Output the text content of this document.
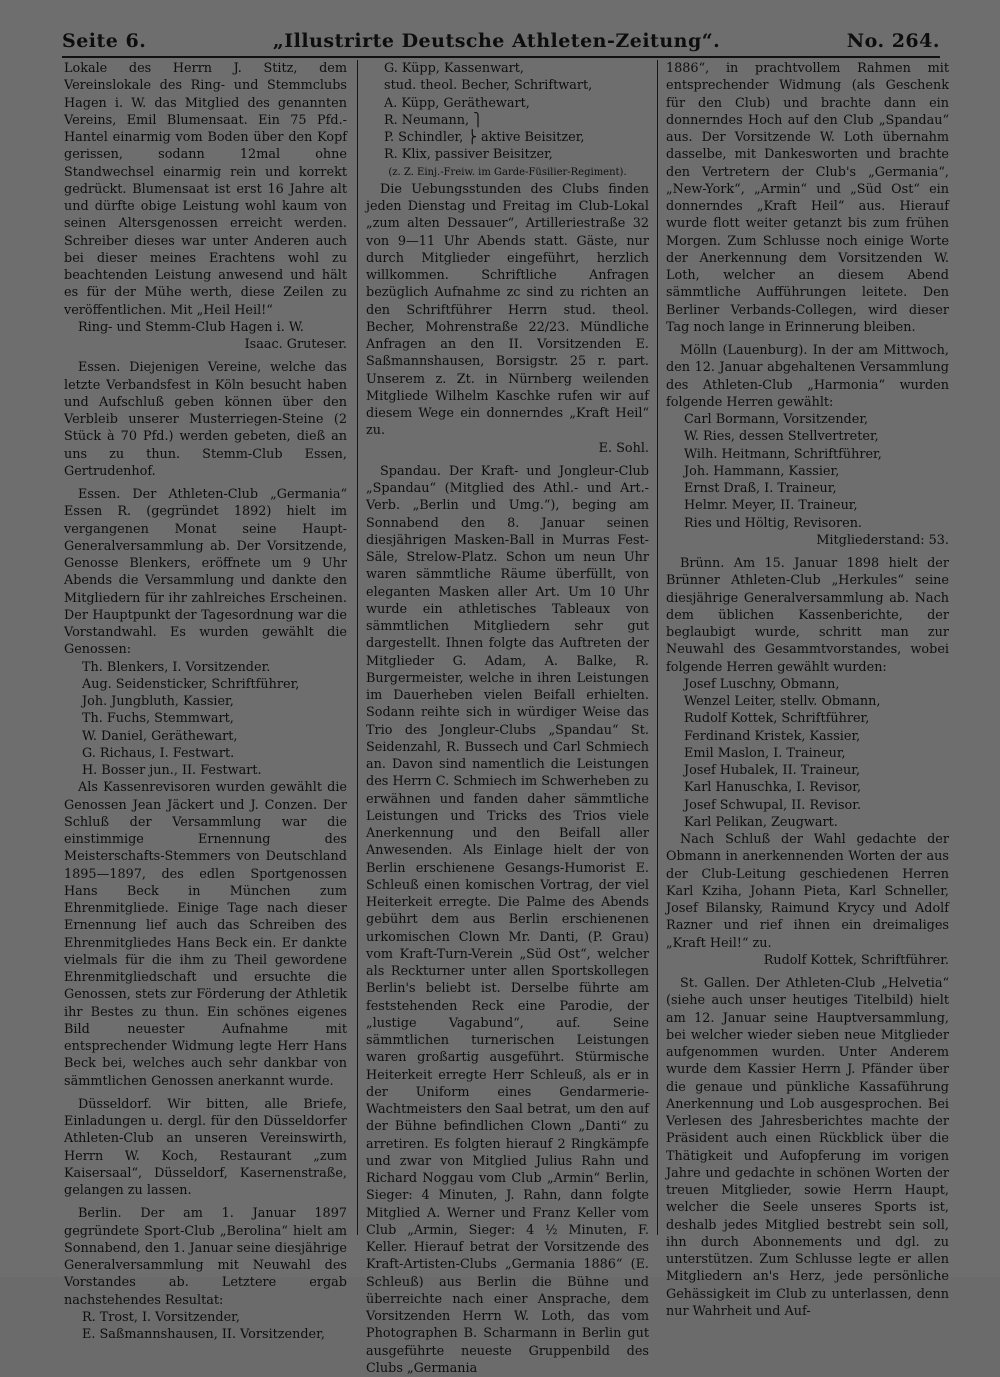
Seite 6.	„Illustrirte Deutsche Athleten-Zeitung“.	No. 264.

Lokale des Herrn J. Stitz, dem Vereinslokale des Ring- und Stemmclubs Hagen i. W. das Mitglied des genannten Vereins, Emil Blumensaat. Ein 75 Pfd.-Hantel einarmig vom Boden über den Kopf gerissen, sodann 12mal ohne Standwechsel einarmig rein und korrekt gedrückt. Blumensaat ist erst 16 Jahre alt und dürfte obige Leistung wohl kaum von seinen Altersgenossen erreicht werden. Schreiber dieses war unter Anderen auch bei dieser meines Erachtens wohl zu beachtenden Leistung anwesend und hält es für der Mühe werth, diese Zeilen zu veröffentlichen. Mit „Heil Heil!“

Ring- und Stemm-Club Hagen i. W.

Isaac. Gruteser.

Essen. Diejenigen Vereine, welche das letzte Verbandsfest in Köln besucht haben und Aufschluß geben können über den Verbleib unserer Musterriegen-Steine (2 Stück à 70 Pfd.) werden gebeten, dieß an uns zu thun. Stemm-Club Essen, Gertrudenhof.

Essen. Der Athleten-Club „Germania“ Essen R. (gegründet 1892) hielt im vergangenen Monat seine Haupt-Generalversammlung ab. Der Vorsitzende, Genosse Blenkers, eröffnete um 9 Uhr Abends die Versammlung und dankte den Mitgliedern für ihr zahlreiches Erscheinen. Der Hauptpunkt der Tagesordnung war die Vorstandwahl. Es wurden gewählt die Genossen:

Th. Blenkers, I. Vorsitzender.

Aug. Seidensticker, Schriftführer,

Joh. Jungbluth, Kassier,

Th. Fuchs, Stemmwart,

W. Daniel, Geräthewart,

G. Richaus, I. Festwart.

H. Bosser jun., II. Festwart.

Als Kassenrevisoren wurden gewählt die Genossen Jean Jäckert und J. Conzen. Der Schluß der Versammlung war die einstimmige Ernennung des Meisterschafts-Stemmers von Deutschland 1895—1897, des edlen Sportgenossen Hans Beck in München zum Ehrenmitgliede. Einige Tage nach dieser Ernennung lief auch das Schreiben des Ehrenmitgliedes Hans Beck ein. Er dankte vielmals für die ihm zu Theil gewordene Ehrenmitgliedschaft und ersuchte die Genossen, stets zur Förderung der Athletik ihr Bestes zu thun. Ein schönes eigenes Bild neuester Aufnahme mit entsprechender Widmung legte Herr Hans Beck bei, welches auch sehr dankbar von sämmtlichen Genossen anerkannt wurde.

Düsseldorf. Wir bitten, alle Briefe, Einladungen u. dergl. für den Düsseldorfer Athleten-Club an unseren Vereinswirth, Herrn W. Koch, Restaurant „zum Kaisersaal“, Düsseldorf, Kasernenstraße, gelangen zu lassen.

Berlin. Der am 1. Januar 1897 gegründete Sport-Club „Berolina“ hielt am Sonnabend, den 1. Januar seine diesjährige Generalversammlung mit Neuwahl des Vorstandes ab. Letztere ergab nachstehendes Resultat:

R. Trost, I. Vorsitzender,

E. Saßmannshausen, II. Vorsitzender,

G. Küpp, Kassenwart,

stud. theol. Becher, Schriftwart,

A. Küpp, Geräthewart,

R. Neumann, ⎫

P. Schindler, ⎬ aktive Beisitzer,

R. Klix, passiver Beisitzer,

(z. Z. Einj.-Freiw. im Garde-Füsilier-Regiment).

Die Uebungsstunden des Clubs finden jeden Dienstag und Freitag im Club-Lokal „zum alten Dessauer“, Artilleriestraße 32 von 9—11 Uhr Abends statt. Gäste, nur durch Mitglieder eingeführt, herzlich willkommen. Schriftliche Anfragen bezüglich Aufnahme zc sind zu richten an den Schriftführer Herrn stud. theol. Becher, Mohrenstraße 22/23. Mündliche Anfragen an den II. Vorsitzenden E. Saßmannshausen, Borsigstr. 25 r. part. Unserem z. Zt. in Nürnberg weilenden Mitgliede Wilhelm Kaschke rufen wir auf diesem Wege ein donnerndes „Kraft Heil“ zu.

E. Sohl.

Spandau. Der Kraft- und Jongleur-Club „Spandau“ (Mitglied des Athl.- und Art.-Verb. „Berlin und Umg.“), beging am Sonnabend den 8. Januar seinen diesjährigen Masken-Ball in Murras Fest-Säle, Strelow-Platz. Schon um neun Uhr waren sämmtliche Räume überfüllt, von eleganten Masken aller Art. Um 10 Uhr wurde ein athletisches Tableaux von sämmtlichen Mitgliedern sehr gut dargestellt. Ihnen folgte das Auftreten der Mitglieder G. Adam, A. Balke, R. Burgermeister, welche in ihren Leistungen im Dauerheben vielen Beifall erhielten. Sodann reihte sich in würdiger Weise das Trio des Jongleur-Clubs „Spandau“ St. Seidenzahl, R. Bussech und Carl Schmiech an. Davon sind namentlich die Leistungen des Herrn C. Schmiech im Schwerheben zu erwähnen und fanden daher sämmtliche Leistungen und Tricks des Trios viele Anerkennung und den Beifall aller Anwesenden. Als Einlage hielt der von Berlin erschienene Gesangs-Humorist E. Schleuß einen komischen Vortrag, der viel Heiterkeit erregte. Die Palme des Abends gebührt dem aus Berlin erschienenen urkomischen Clown Mr. Danti, (P. Grau) vom Kraft-Turn-Verein „Süd Ost“, welcher als Reckturner unter allen Sportskollegen Berlin's beliebt ist. Derselbe führte am feststehenden Reck eine Parodie, der „lustige Vagabund“, auf. Seine sämmtlichen turnerischen Leistungen waren großartig ausgeführt. Stürmische Heiterkeit erregte Herr Schleuß, als er in der Uniform eines Gendarmerie-Wachtmeisters den Saal betrat, um den auf der Bühne befindlichen Clown „Danti“ zu arretiren. Es folgten hierauf 2 Ringkämpfe und zwar von Mitglied Julius Rahn und Richard Noggau vom Club „Armin“ Berlin, Sieger: 4 Minuten, J. Rahn, dann folgte Mitglied A. Werner und Franz Keller vom Club „Armin, Sieger: 4 ½ Minuten, F. Keller. Hierauf betrat der Vorsitzende des Kraft-Artisten-Clubs „Germania 1886“ (E. Schleuß) aus Berlin die Bühne und überreichte nach einer Ansprache, dem Vorsitzenden Herrn W. Loth, das vom Photographen B. Scharmann in Berlin gut ausgeführte neueste Gruppenbild des Clubs „Germania

1886“, in prachtvollem Rahmen mit entsprechender Widmung (als Geschenk für den Club) und brachte dann ein donnerndes Hoch auf den Club „Spandau“ aus. Der Vorsitzende W. Loth übernahm dasselbe, mit Dankesworten und brachte den Vertretern der Club's „Germania“, „New-York“, „Armin“ und „Süd Ost“ ein donnerndes „Kraft Heil“ aus. Hierauf wurde flott weiter getanzt bis zum frühen Morgen. Zum Schlusse noch einige Worte der Anerkennung dem Vorsitzenden W. Loth, welcher an diesem Abend sämmtliche Aufführungen leitete. Den Berliner Verbands-Collegen, wird dieser Tag noch lange in Erinnerung bleiben.

Mölln (Lauenburg). In der am Mittwoch, den 12. Januar abgehaltenen Versammlung des Athleten-Club „Harmonia“ wurden folgende Herren gewählt:

Carl Bormann, Vorsitzender,

W. Ries, dessen Stellvertreter,

Wilh. Heitmann, Schriftführer,

Joh. Hammann, Kassier,

Ernst Draß, I. Traineur,

Helmr. Meyer, II. Traineur,

Ries und Höltig, Revisoren.

Mitgliederstand: 53.

Brünn. Am 15. Januar 1898 hielt der Brünner Athleten-Club „Herkules“ seine diesjährige Generalversammlung ab. Nach dem üblichen Kassenberichte, der beglaubigt wurde, schritt man zur Neuwahl des Gesammtvorstandes, wobei folgende Herren gewählt wurden:

Josef Luschny, Obmann,

Wenzel Leiter, stellv. Obmann,

Rudolf Kottek, Schriftführer,

Ferdinand Kristek, Kassier,

Emil Maslon, I. Traineur,

Josef Hubalek, II. Traineur,

Karl Hanuschka, I. Revisor,

Josef Schwupal, II. Revisor.

Karl Pelikan, Zeugwart.

Nach Schluß der Wahl gedachte der Obmann in anerkennenden Worten der aus der Club-Leitung geschiedenen Herren Karl Kziha, Johann Pieta, Karl Schneller, Josef Bilansky, Raimund Krycy und Adolf Razner und rief ihnen ein dreimaliges „Kraft Heil!“ zu.

Rudolf Kottek, Schriftführer.

St. Gallen. Der Athleten-Club „Helvetia“ (siehe auch unser heutiges Titelbild) hielt am 12. Januar seine Hauptversammlung, bei welcher wieder sieben neue Mitglieder aufgenommen wurden. Unter Anderem wurde dem Kassier Herrn J. Pfänder über die genaue und pünkliche Kassaführung Anerkennung und Lob ausgesprochen. Bei Verlesen des Jahresberichtes machte der Präsident auch einen Rückblick über die Thätigkeit und Aufopferung im vorigen Jahre und gedachte in schönen Worten der treuen Mitglieder, sowie Herrn Haupt, welcher die Seele unseres Sports ist, deshalb jedes Mitglied bestrebt sein soll, ihn durch Abonnements und dgl. zu unterstützen. Zum Schlusse legte er allen Mitgliedern an's Herz, jede persönliche Gehässigkeit im Club zu unterlassen, denn nur Wahrheit und Auf-
